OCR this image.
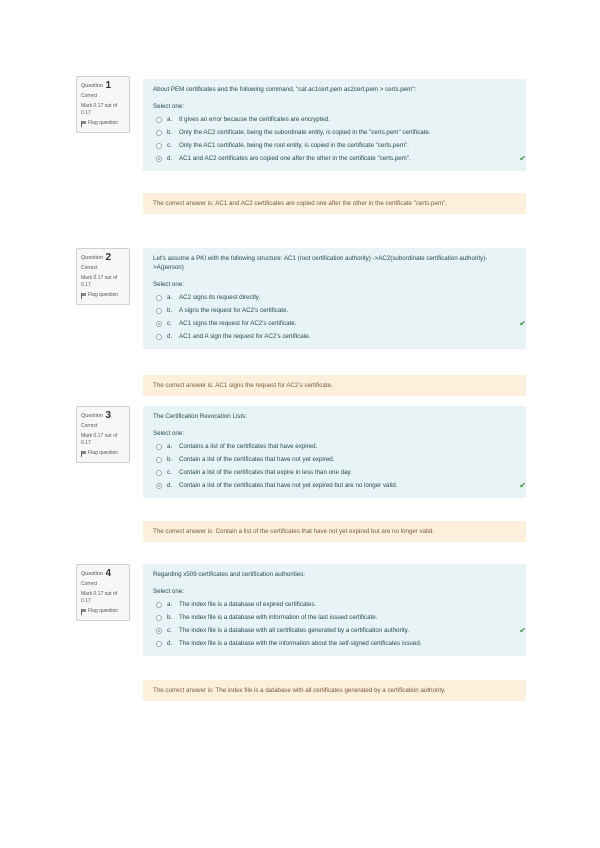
Question 1
Correct
Mark 0.17 out of 0.17
Flag question
About PEM certificates and the following command, "cat ac1cert.pem ac2cert.pem > certs.pem":
Select one:
a. It gives an error because the certificates are encrypted.
b. Only the AC2 certificate, being the subordinate entity, is copied in the "certs.pem" certificate.
c. Only the AC1 certificate, being the root entity, is copied in the certificate "certs.pem".
d. AC1 and AC2 certificates are copied one after the other in the certificate "certs.pem".	✔
The correct answer is: AC1 and AC2 certificates are copied one after the other in the certificate "certs.pem".
Question 2
Correct
Mark 0.17 out of 0.17
Flag question
Let's assume a PKI with the following structure: AC1 (root certification authority) ->AC2(subordinate certification authority)->A(person)
Select one:
a. AC2 signs its request directly.
b. A signs the request for AC2's certificate.
c. AC1 signs the request for AC2's certificate.	✔
d. AC1 and A sign the request for AC2's certificate.
The correct answer is: AC1 signs the request for AC2's certificate.
Question 3
Correct
Mark 0.17 out of 0.17
Flag question
The Certification Revocation Lists:
Select one:
a. Contains a list of the certificates that have expired.
b. Contain a list of the certificates that have not yet expired.
c. Contain a list of the certificates that expire in less than one day.
d. Contain a list of the certificates that have not yet expired but are no longer valid.	✔
The correct answer is: Contain a list of the certificates that have not yet expired but are no longer valid.
Question 4
Correct
Mark 0.17 out of 0.17
Flag question
Regarding x509 certificates and certification authorities:
Select one:
a. The index file is a database of expired certificates.
b. The index file is a database with information of the last issued certificate.
c. The index file is a database with all certificates generated by a certification authority.	✔
d. The index file is a database with the information about the self-signed certificates issued.
The correct answer is: The index file is a database with all certificates generated by a certification authority.
